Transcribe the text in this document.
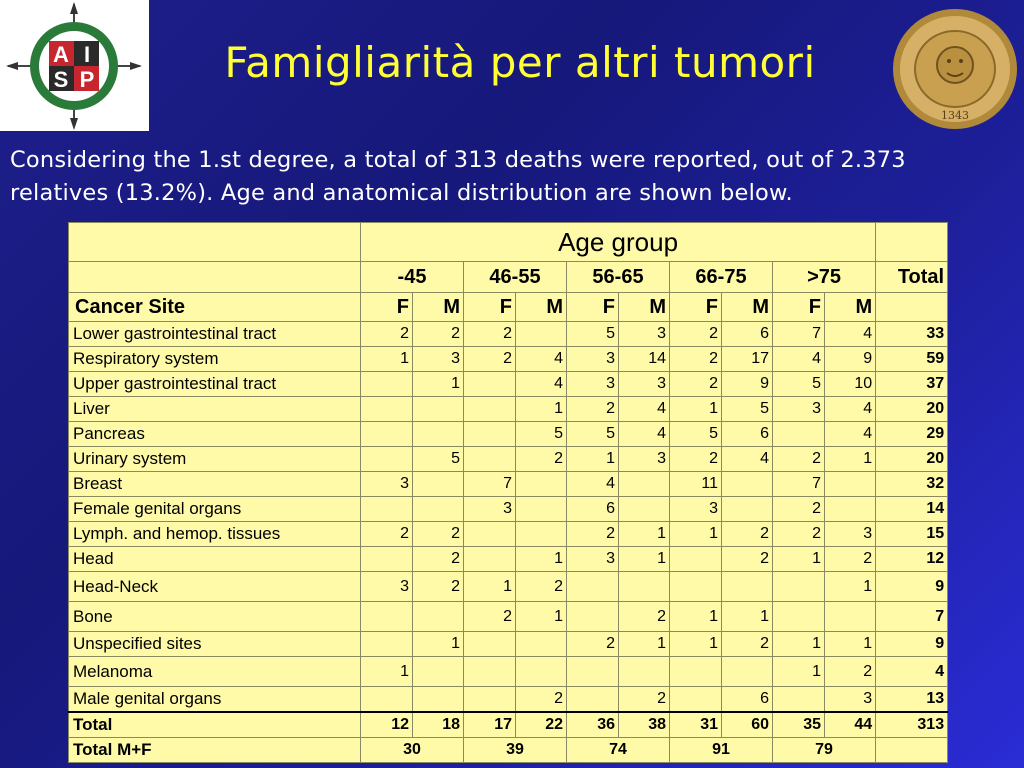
A I
S P	Famigliarità per altri tumori
1343
Considering the 1.st degree, a total of 313 deaths were reported, out of 2.373 relatives (13.2%). Age and anatomical distribution are shown below.
	Age group										
	-45		46-55		56-65		66-75		>75		Total
Cancer Site	F	M	F	M	F	M	F	M	F	M	
Lower gastrointestinal tract	2	2	2		5	3	2	6	7	4	33
Respiratory system	1	3	2	4	3	14	2	17	4	9	59
Upper gastrointestinal tract		1		4	3	3	2	9	5	10	37
Liver				1	2	4	1	5	3	4	20
Pancreas				5	5	4	5	6		4	29
Urinary system		5		2	1	3	2	4	2	1	20
Breast	3		7		4		11		7		32
Female genital organs			3		6		3		2		14
Lymph. and hemop. tissues	2	2			2	1	1	2	2	3	15
Head		2		1	3	1		2	1	2	12
Head-Neck	3	2	1	2						1	9
Bone			2	1		2	1	1			7
Unspecified sites		1			2	1	1	2	1	1	9
Melanoma	1								1	2	4
Male genital organs				2		2		6		3	13
Total	12	18	17	22	36	38	31	60	35	44	313
Total M+F	30		39		74		91		79		
